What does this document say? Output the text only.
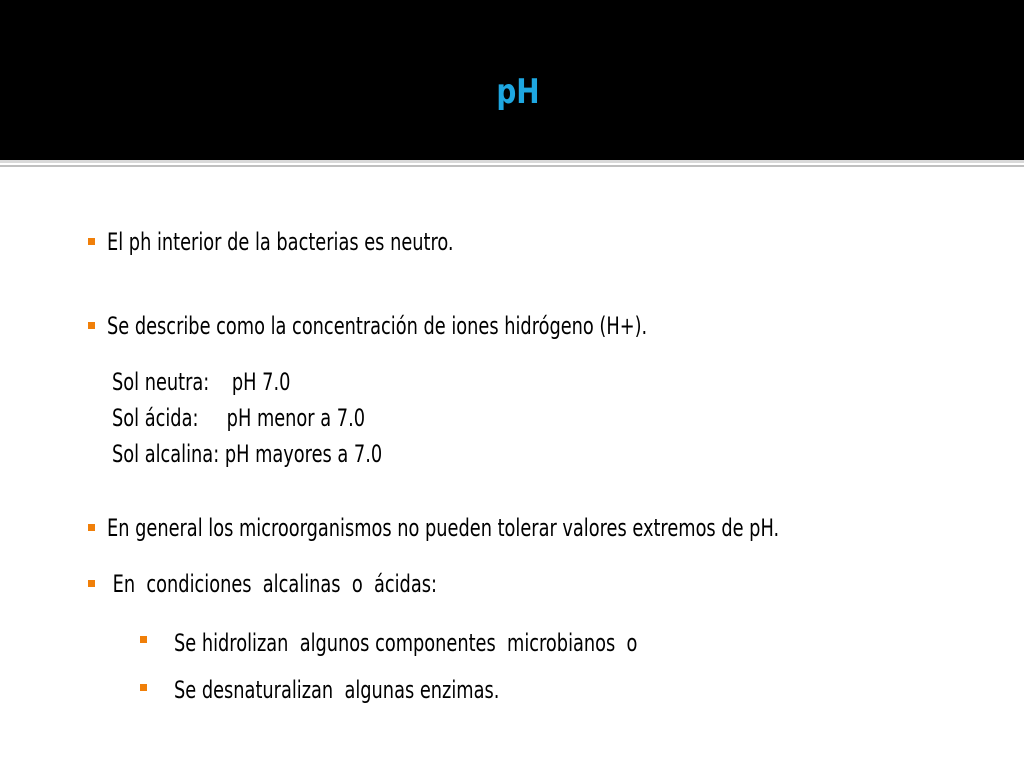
pH
El ph interior de la bacterias es neutro.
Se describe como la concentración de iones hidrógeno (H+).
Sol neutra:    pH 7.0
Sol ácida:     pH menor a 7.0
Sol alcalina: pH mayores a 7.0
En general los microorganismos no pueden tolerar valores extremos de pH.
En  condiciones  alcalinas  o  ácidas:
Se hidrolizan  algunos componentes  microbianos  o
Se desnaturalizan  algunas enzimas.
